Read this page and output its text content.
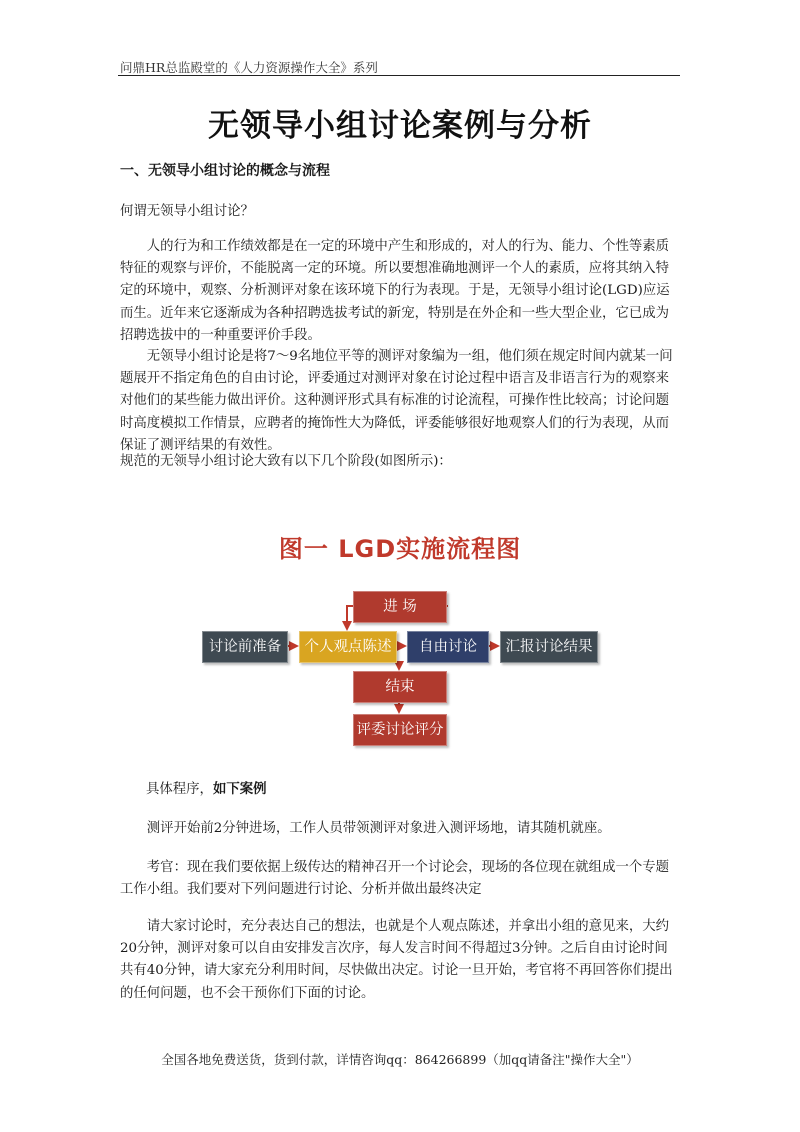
问鼎HR总监殿堂的《人力资源操作大全》系列
无领导小组讨论案例与分析
一、无领导小组讨论的概念与流程

何谓无领导小组讨论？

人的行为和工作绩效都是在一定的环境中产生和形成的，对人的行为、能力、个性等素质特征的观察与评价，不能脱离一定的环境。所以要想准确地测评一个人的素质，应将其纳入特定的环境中，观察、分析测评对象在该环境下的行为表现。于是，无领导小组讨论(LGD)应运而生。近年来它逐渐成为各种招聘选拔考试的新宠，特别是在外企和一些大型企业，它已成为招聘选拔中的一种重要评价手段。

无领导小组讨论是将7～9名地位平等的测评对象编为一组，他们须在规定时间内就某一问题展开不指定角色的自由讨论，评委通过对测评对象在讨论过程中语言及非语言行为的观察来对他们的某些能力做出评价。这种测评形式具有标准的讨论流程，可操作性比较高；讨论问题时高度模拟工作情景，应聘者的掩饰性大为降低，评委能够很好地观察人们的行为表现，从而保证了测评结果的有效性。

规范的无领导小组讨论大致有以下几个阶段(如图所示)：

图一 LGD实施流程图
进 场
讨论前准备	个人观点陈述	自由讨论	汇报讨论结果
结束
评委讨论评分

具体程序，如下案例

测评开始前2分钟进场，工作人员带领测评对象进入测评场地，请其随机就座。

考官：现在我们要依据上级传达的精神召开一个讨论会，现场的各位现在就组成一个专题工作小组。我们要对下列问题进行讨论、分析并做出最终决定

请大家讨论时，充分表达自己的想法，也就是个人观点陈述，并拿出小组的意见来，大约20分钟，测评对象可以自由安排发言次序，每人发言时间不得超过3分钟。之后自由讨论时间共有40分钟，请大家充分利用时间，尽快做出决定。讨论一旦开始，考官将不再回答你们提出的任何问题，也不会干预你们下面的讨论。

全国各地免费送货，货到付款，详情咨询qq：864266899（加qq请备注"操作大全"）
